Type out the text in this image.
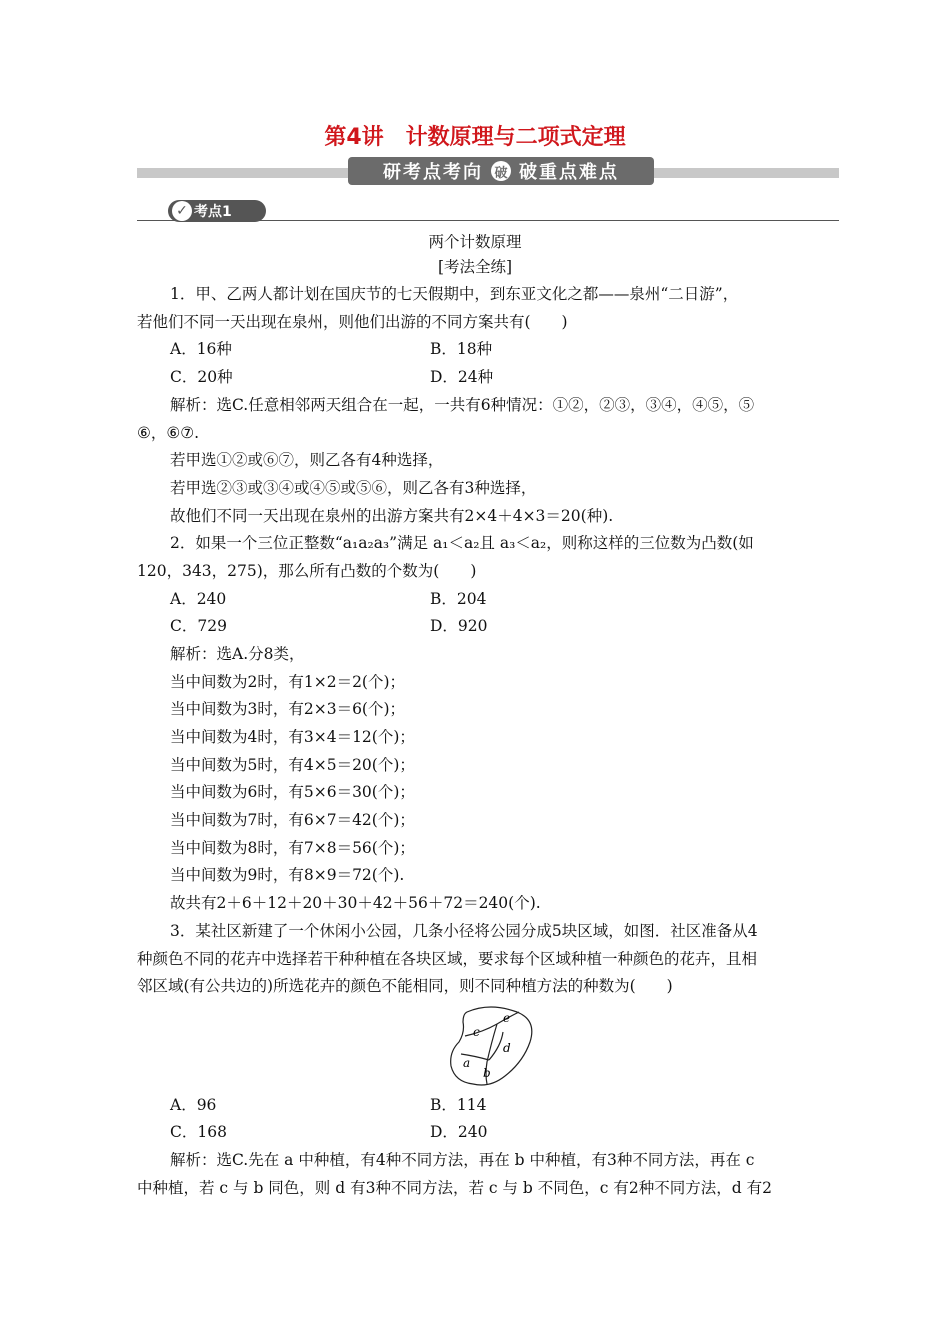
第4讲　计数原理与二项式定理
研考点考向 破 破重点难点
✓ 考点1
两个计数原理
[考法全练]
1．甲、乙两人都计划在国庆节的七天假期中，到东亚文化之都——泉州“二日游”，
若他们不同一天出现在泉州，则他们出游的不同方案共有(　　)
A．16种	B．18种
C．20种	D．24种
解析：选C.任意相邻两天组合在一起，一共有6种情况：①②，②③，③④，④⑤，⑤
⑥，⑥⑦.
若甲选①②或⑥⑦，则乙各有4种选择，
若甲选②③或③④或④⑤或⑤⑥，则乙各有3种选择，
故他们不同一天出现在泉州的出游方案共有2×4＋4×3＝20(种).
2．如果一个三位正整数“a₁a₂a₃”满足 a₁＜a₂且 a₃＜a₂，则称这样的三位数为凸数(如
120，343，275)，那么所有凸数的个数为(　　)
A．240	B．204
C．729	D．920
解析：选A.分8类，
当中间数为2时，有1×2＝2(个)；
当中间数为3时，有2×3＝6(个)；
当中间数为4时，有3×4＝12(个)；
当中间数为5时，有4×5＝20(个)；
当中间数为6时，有5×6＝30(个)；
当中间数为7时，有6×7＝42(个)；
当中间数为8时，有7×8＝56(个)；
当中间数为9时，有8×9＝72(个).
故共有2＋6＋12＋20＋30＋42＋56＋72＝240(个).
3．某社区新建了一个休闲小公园，几条小径将公园分成5块区域，如图．社区准备从4
种颜色不同的花卉中选择若干种种植在各块区域，要求每个区域种植一种颜色的花卉，且相
邻区域(有公共边的)所选花卉的颜色不能相同，则不同种植方法的种数为(　　)
e
c
d
a
b
A．96	B．114
C．168	D．240
解析：选C.先在 a 中种植，有4种不同方法，再在 b 中种植，有3种不同方法，再在 c
中种植，若 c 与 b 同色，则 d 有3种不同方法，若 c 与 b 不同色，c 有2种不同方法，d 有2
